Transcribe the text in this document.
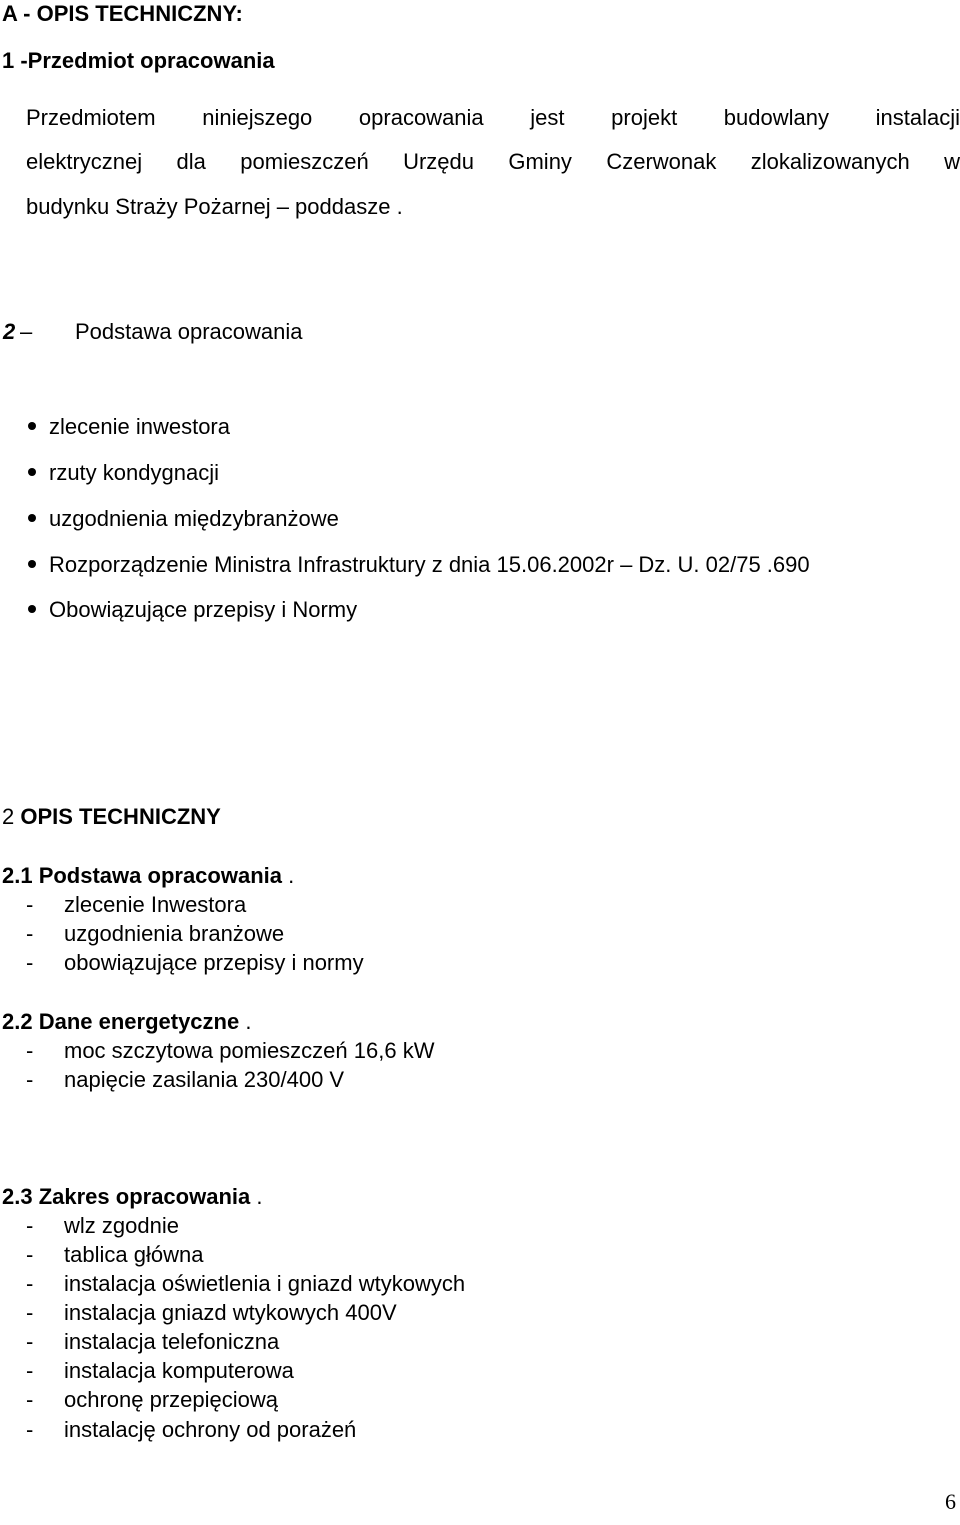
A - OPIS TECHNICZNY:
1 -Przedmiot opracowania
Przedmiotem niniejszego opracowania jest projekt budowlany instalacji
elektrycznej dla pomieszczeń Urzędu Gminy Czerwonak zlokalizowanych w
budynku Straży Pożarnej – poddasze .
2 – Podstawa opracowania
zlecenie inwestora
rzuty kondygnacji
uzgodnienia międzybranżowe
Rozporządzenie Ministra Infrastruktury z dnia 15.06.2002r – Dz. U. 02/75 .690
Obowiązujące przepisy i Normy
2 OPIS TECHNICZNY
2.1 Podstawa opracowania .
- zlecenie Inwestora
- uzgodnienia branżowe
- obowiązujące przepisy i normy
2.2 Dane energetyczne .
- moc szczytowa pomieszczeń 16,6 kW
- napięcie zasilania 230/400 V
2.3 Zakres opracowania .
- wlz zgodnie
- tablica główna
- instalacja oświetlenia i gniazd wtykowych
- instalacja gniazd wtykowych 400V
- instalacja telefoniczna
- instalacja komputerowa
- ochronę przepięciową
- instalację ochrony od porażeń
6
